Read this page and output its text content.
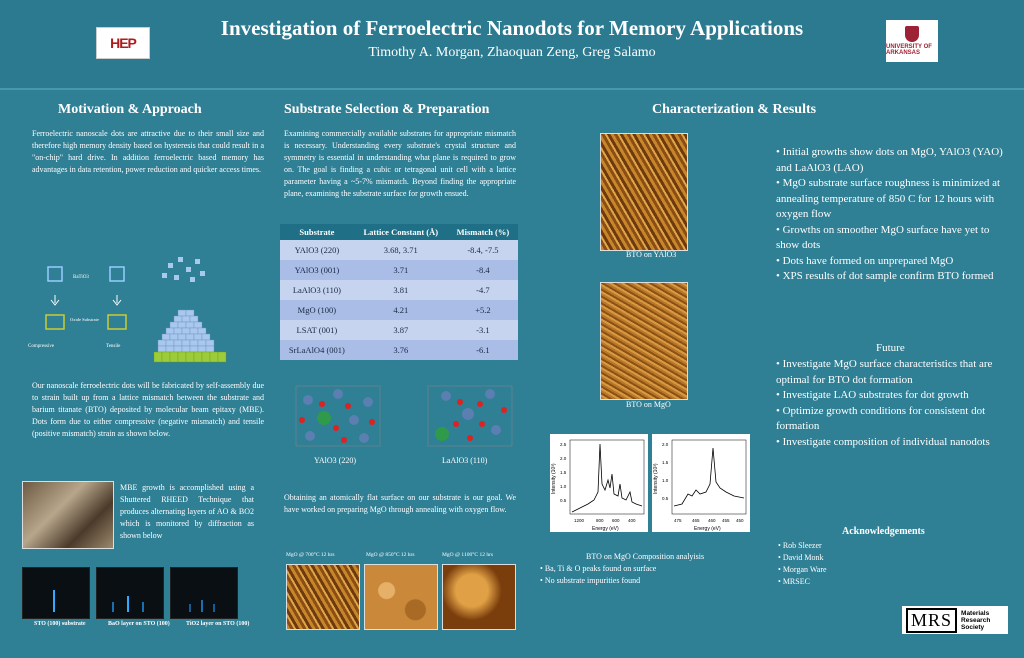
HEP
Investigation of Ferroelectric Nanodots for Memory Applications
Timothy A. Morgan, Zhaoquan Zeng, Greg Salamo	UNIVERSITY OF ARKANSAS
Motivation & Approach
Ferroelectric nanoscale dots are attractive due to their small size and therefore high memory density based on hysteresis that could result in a "on-chip" hard drive. In addition ferroelectric based memory has advantages in data retention, power reduction and quicker access times.
BaTiO3
Oxide Substrate
Compressive	Tensile
Our nanoscale ferroelectric dots will be fabricated by self-assembly due to strain built up from a lattice mismatch between the substrate and barium titanate (BTO) deposited by molecular beam epitaxy (MBE). Dots form due to either compressive (negative mismatch) and tensile (positive mismatch) strain as shown below.
MBE growth is accomplished using a Shuttered RHEED Technique that produces alternating layers of AO & BO2 which is monitored by diffraction as shown below
STO (100) substrate	BaO layer on STO (100)	TiO2 layer on STO (100)
Substrate Selection & Preparation
Examining commercially available substrates for appropriate mismatch is necessary. Understanding every substrate's crystal structure and symmetry is essential in understanding what plane is required to grow on. The goal is finding a cubic or tetragonal unit cell with a lattice parameter having a ~5-7% mismatch. Beyond finding the appropriate plane, examining the substrate surface for growth ensued.
Substrate	Lattice Constant (Å)	Mismatch (%)
YAlO3 (220)	3.68, 3.71	-8.4, -7.5
YAlO3 (001)	3.71	-8.4
LaAlO3 (110)	3.81	-4.7
MgO (100)	4.21	+5.2
LSAT (001)	3.87	-3.1
SrLaAlO4 (001)	3.76	-6.1
YAlO3 (220)	LaAlO3 (110)
Obtaining an atomically flat surface on our substrate is our goal. We have worked on preparing MgO through annealing with oxygen flow.
MgO @ 700°C 12 hrs	MgO @ 850°C 12 hrs	MgO @ 1100°C 12 hrs
Characterization & Results
BTO on YAlO3
BTO on MgO
• Initial growths show dots on MgO, YAlO3 (YAO) and LaAlO3 (LAO)
• MgO substrate surface roughness is minimized at annealing temperature of 850 C for 12 hours with oxygen flow
• Growths on smoother MgO surface have yet to show dots
• Dots have formed on unprepared MgO
• XPS results of dot sample confirm BTO formed
Future
• Investigate MgO surface characteristics that are optimal for BTO dot formation
• Investigate LAO substrates for dot growth
• Optimize growth conditions for consistent dot formation
• Investigate composition of individual nanodots
Intensity (10³)	Intensity (10³)
Energy (eV)	Energy (eV)
2.5
2.0
1.5
1.0
0.5
1200	800 600 400
2.0
1.5
1.0
0.5
475 465 460 455 450
BTO on MgO Composition analyisis
• Ba, Ti & O peaks found on surface
• No substrate impurities found
Acknowledgements
• Rob Sleezer
• David Monk
• Morgan Ware
• MRSEC
MRS	Materials
Research
Society
